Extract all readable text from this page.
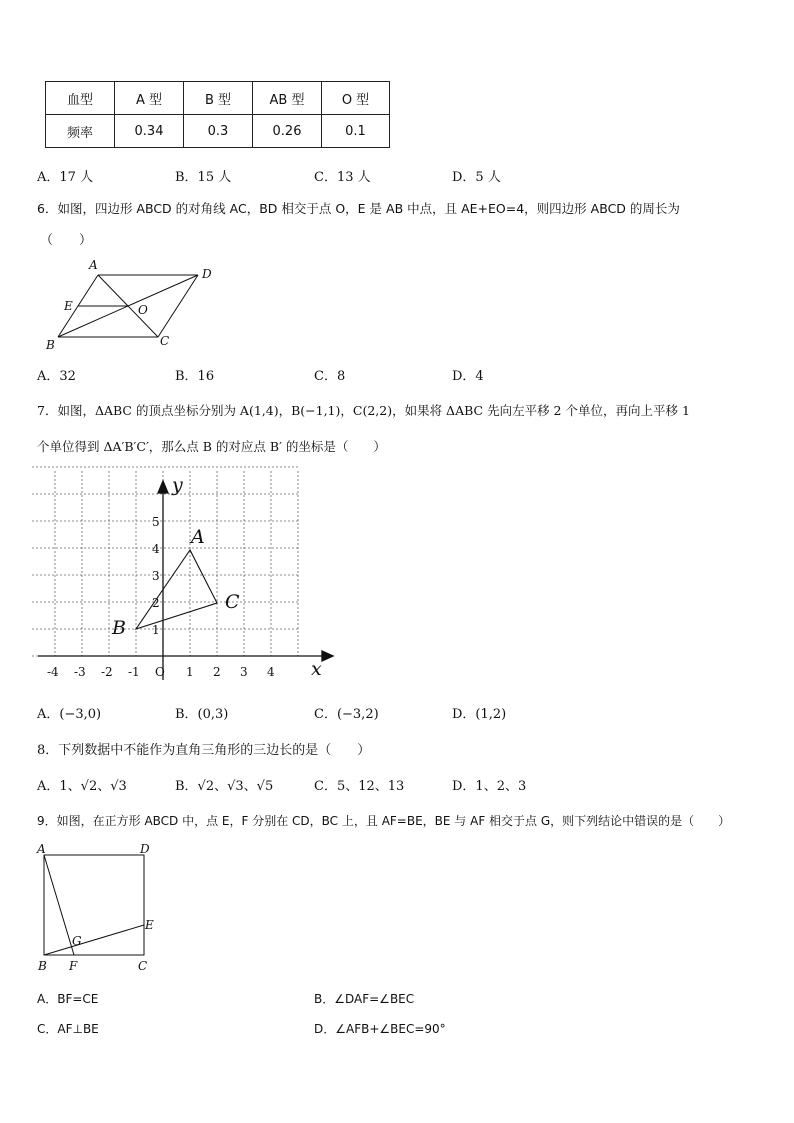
血型	A 型	B 型	AB 型	O 型
频率	0.34	0.3	0.26	0.1
A．17 人	B．15 人	C．13 人	D．5 人
6．如图，四边形 ABCD 的对角线 AC，BD 相交于点 O，E 是 AB 中点，且 AE+EO=4，则四边形 ABCD 的周长为
（　　）
A
D
E	O
B	C
A．32	B．16	C．8	D．4
7．如图，ΔABC 的顶点坐标分别为 A(1,4)，B(−1,1)，C(2,2)，如果将 ΔABC 先向左平移 2 个单位，再向上平移 1
个单位得到 ΔA′B′C′，那么点 B 的对应点 B′ 的坐标是（　　）
-4 -3 -2 -1	1 2 3 4
1
2
3
4
5
y
x
O
A
B
C
A．(−3,0)	B．(0,3)	C．(−3,2)	D．(1,2)
8．下列数据中不能作为直角三角形的三边长的是（　　）
A．1、√2、√3	B．√2、√3、√5	C．5、12、13	D．1、2、3
9．如图，在正方形 ABCD 中，点 E，F 分别在 CD，BC 上，且 AF=BE，BE 与 AF 相交于点 G，则下列结论中错误的是（　　）
A	D
E
G
B F	C
A．BF=CE	B．∠DAF=∠BEC
C．AF⊥BE	D．∠AFB+∠BEC=90°
